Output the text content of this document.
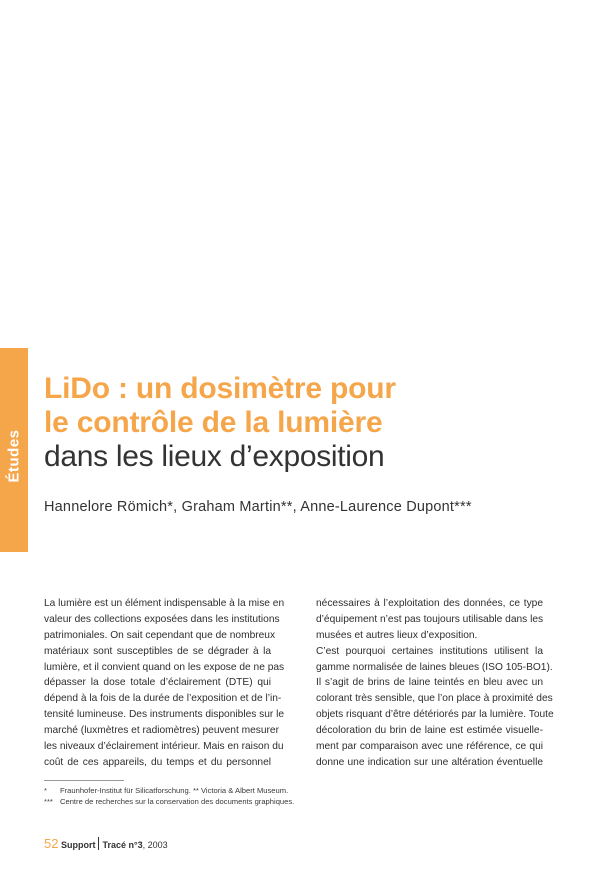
Études
LiDo : un dosimètre pour
le contrôle de la lumière
dans les lieux d’exposition
Hannelore Römich*, Graham Martin**, Anne-Laurence Dupont***
La lumière est un élément indispensable à la mise en
valeur des collections exposées dans les institutions
patrimoniales. On sait cependant que de nombreux
matériaux sont susceptibles de se dégrader à la
lumière, et il convient quand on les expose de ne pas
dépasser la dose totale d’éclairement (DTE) qui
dépend à la fois de la durée de l’exposition et de l’in-
tensité lumineuse. Des instruments disponibles sur le
marché (luxmètres et radiomètres) peuvent mesurer
les niveaux d’éclairement intérieur. Mais en raison du
coût de ces appareils, du temps et du personnel
nécessaires à l’exploitation des données, ce type
d’équipement n’est pas toujours utilisable dans les
musées et autres lieux d’exposition.
C’est pourquoi certaines institutions utilisent la
gamme normalisée de laines bleues (ISO 105-BO1).
Il s’agit de brins de laine teintés en bleu avec un
colorant très sensible, que l’on place à proximité des
objets risquant d’être détériorés par la lumière. Toute
décoloration du brin de laine est estimée visuelle-
ment par comparaison avec une référence, ce qui
donne une indication sur une altération éventuelle
* Fraunhofer-Institut für Silicatforschung. ** Victoria & Albert Museum.
*** Centre de recherches sur la conservation des documents graphiques.
52 Support Tracé n°3, 2003
